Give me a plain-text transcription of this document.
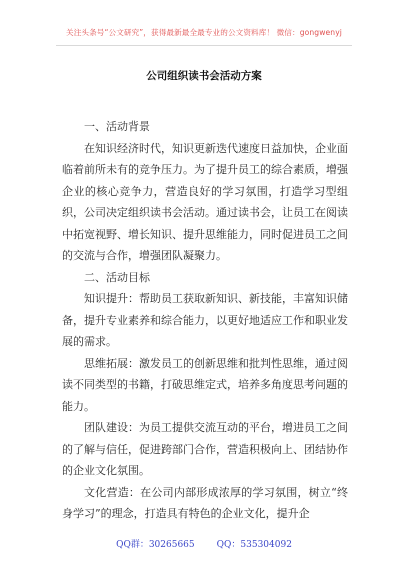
关注头条号“公文研究”，获得最新最全最专业的公文资料库！ 微信：gongwenyj
公司组织读书会活动方案

一、活动背景

在知识经济时代，知识更新迭代速度日益加快，企业面临着前所未有的竞争压力。为了提升员工的综合素质，增强企业的核心竞争力，营造良好的学习氛围，打造学习型组织，公司决定组织读书会活动。通过读书会，让员工在阅读中拓宽视野、增长知识、提升思维能力，同时促进员工之间的交流与合作，增强团队凝聚力。

二、活动目标

知识提升：帮助员工获取新知识、新技能，丰富知识储备，提升专业素养和综合能力，以更好地适应工作和职业发展的需求。

思维拓展：激发员工的创新思维和批判性思维，通过阅读不同类型的书籍，打破思维定式，培养多角度思考问题的能力。

团队建设：为员工提供交流互动的平台，增进员工之间的了解与信任，促进跨部门合作，营造积极向上、团结协作的企业文化氛围。

文化营造：在公司内部形成浓厚的学习氛围，树立“终身学习”的理念，打造具有特色的企业文化，提升企

QQ群：30265665 QQ：535304092
